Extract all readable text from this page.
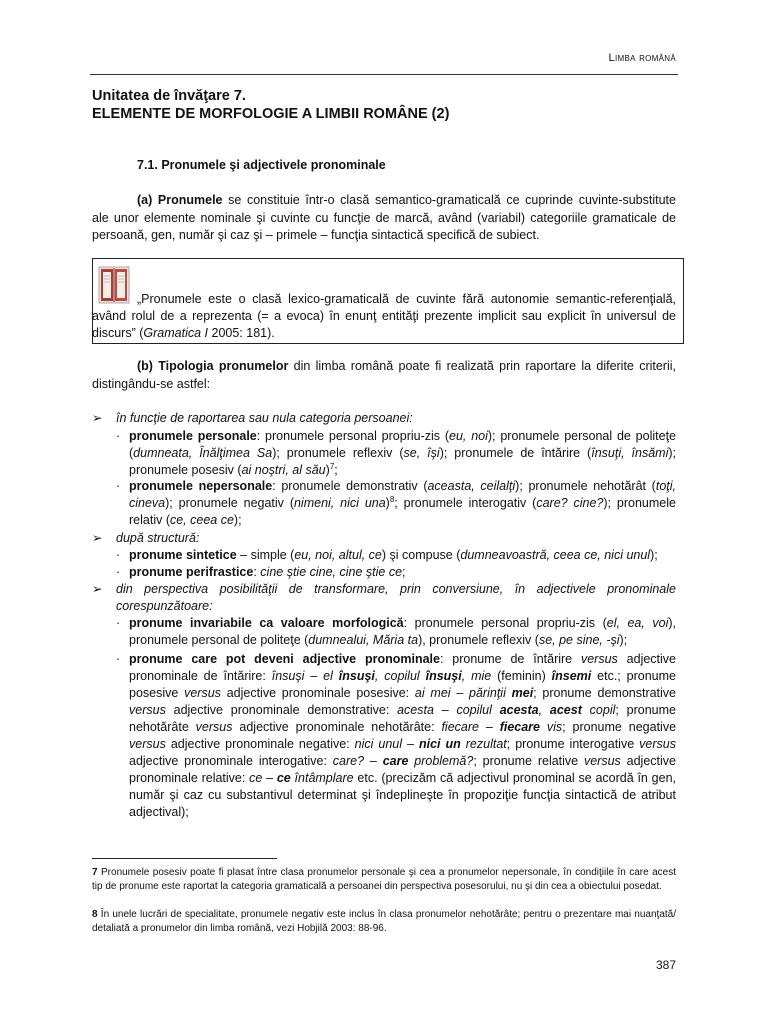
Limba română
Unitatea de învăţare 7.
ELEMENTE DE MORFOLOGIE A LIMBII ROMÂNE (2)
7.1. Pronumele şi adjectivele pronominale
(a) Pronumele se constituie într-o clasă semantico-gramaticală ce cuprinde cuvinte-substitute ale unor elemente nominale şi cuvinte cu funcţie de marcă, având (variabil) categoriile gramaticale de persoană, gen, număr şi caz şi – primele – funcţia sintactică specifică de subiect.
„Pronumele este o clasă lexico-gramaticală de cuvinte fără autonomie semantic-referenţială, având rolul de a reprezenta (= a evoca) în enunţ entităţi prezente implicit sau explicit în universul de discurs” (Gramatica I 2005: 181).
(b) Tipologia pronumelor din limba română poate fi realizată prin raportare la diferite criterii, distingându-se astfel:
➢	în funcţie de raportarea sau nula categoria persoanei:
· pronumele personale: pronumele personal propriu-zis (eu, noi); pronumele personal de politeţe (dumneata, Înălţimea Sa); pronumele reflexiv (se, îşi); pronumele de întărire (însuţi, însămi); pronumele posesiv (ai noştri, al său)$^7$;
· pronumele nepersonale: pronumele demonstrativ (aceasta, ceilalţi); pronumele nehotărât (toţi, cineva); pronumele negativ (nimeni, nici una)$^8$; pronumele interogativ (care? cine?); pronumele relativ (ce, ceea ce);
➢	după structură:
· pronume sintetice – simple (eu, noi, altul, ce) şi compuse (dumneavoastră, ceea ce, nici unul);
· pronume perifrastice: cine ştie cine, cine ştie ce;
➢	din perspectiva posibilităţii de transformare, prin conversiune, în adjectivele pronominale corespunzătoare:
· pronume invariabile ca valoare morfologică: pronumele personal propriu-zis (el, ea, voi), pronumele personal de politeţe (dumnealui, Măria ta), pronumele reflexiv (se, pe sine, -şi);
· pronume care pot deveni adjective pronominale: pronume de întărire versus adjective pronominale de întărire: însuşi – el însuşi, copilul însuşi, mie (feminin) însemi etc.; pronume posesive versus adjective pronominale posesive: ai mei – părinţii mei; pronume demonstrative versus adjective pronominale demonstrative: acesta – copilul acesta, acest copil; pronume nehotărâte versus adjective pronominale nehotărâte: fiecare – fiecare vis; pronume negative versus adjective pronominale negative: nici unul – nici un rezultat; pronume interogative versus adjective pronominale interogative: care? – care problemă?; pronume relative versus adjective pronominale relative: ce – ce întâmplare etc. (precizăm că adjectivul pronominal se acordă în gen, număr şi caz cu substantivul determinat şi îndeplineşte în propoziţie funcţia sintactică de atribut adjectival);
7 Pronumele posesiv poate fi plasat între clasa pronumelor personale şi cea a pronumelor nepersonale, în condiţiile în care acest tip de pronume este raportat la categoria gramaticală a persoanei din perspectiva posesorului, nu şi din cea a obiectului posedat.
8 În unele lucrări de specialitate, pronumele negativ este inclus în clasa pronumelor nehotărâte; pentru o prezentare mai nuanţată/ detaliată a pronumelor din limba română, vezi Hobjilă 2003: 88-96.
387
